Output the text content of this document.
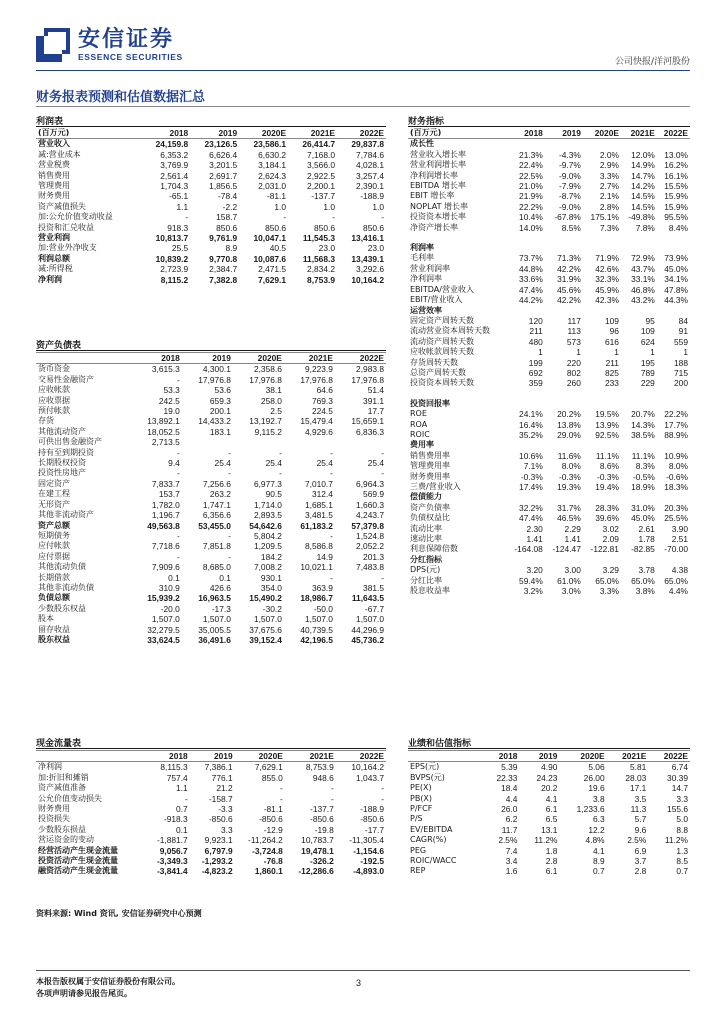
安信证券
ESSENCE SECURITIES	公司快报/洋河股份
财务报表预测和估值数据汇总
利润表	财务指标
资产负债表
现金流量表	业绩和估值指标
(百万元)	2018	2019	2020E	2021E	2022E
营业收入	24,159.8	23,126.5	23,586.1	26,414.7	29,837.8
减:营业成本	6,353.2	6,626.4	6,630.2	7,168.0	7,784.6
营业税费	3,769.9	3,201.5	3,184.1	3,566.0	4,028.1
销售费用	2,561.4	2,691.7	2,624.3	2,922.5	3,257.4
管理费用	1,704.3	1,856.5	2,031.0	2,200.1	2,390.1
财务费用	-65.1	-78.4	-81.1	-137.7	-188.9
资产减值损失	1.1	-2.2	1.0	1.0	1.0
加:公允价值变动收益	-	158.7	-	-	-
投资和汇兑收益	918.3	850.6	850.6	850.6	850.6
营业利润	10,813.7	9,761.9	10,047.1	11,545.3	13,416.1
加:营业外净收支	25.5	8.9	40.5	23.0	23.0
利润总额	10,839.2	9,770.8	10,087.6	11,568.3	13,439.1
减:所得税	2,723.9	2,384.7	2,471.5	2,834.2	3,292.6
净利润	8,115.2	7,382.8	7,629.1	8,753.9	10,164.2
	2018	2019	2020E	2021E	2022E
货币资金	3,615.3	4,300.1	2,358.6	9,223.9	2,983.8
交易性金融资产	-	17,976.8	17,976.8	17,976.8	17,976.8
应收帐款	53.3	53.6	38.1	64.6	51.4
应收票据	242.5	659.3	258.0	769.3	391.1
预付帐款	19.0	200.1	2.5	224.5	17.7
存货	13,892.1	14,433.2	13,192.7	15,479.4	15,659.1
其他流动资产	18,052.5	183.1	9,115.2	4,929.6	6,836.3
可供出售金融资产	2,713.5				
持有至到期投资	-	-	-	-	-
长期股权投资	9.4	25.4	25.4	25.4	25.4
投资性房地产	-	-	-	-	-
固定资产	7,833.7	7,256.6	6,977.3	7,010.7	6,964.3
在建工程	153.7	263.2	90.5	312.4	569.9
无形资产	1,782.0	1,747.1	1,714.0	1,685.1	1,660.3
其他非流动资产	1,196.7	6,356.6	2,893.5	3,481.5	4,243.7
资产总额	49,563.8	53,455.0	54,642.6	61,183.2	57,379.8
短期债务	-	-	5,804.2	-	1,524.8
应付帐款	7,718.6	7,851.8	1,209.5	8,586.8	2,052.2
应付票据	-	-	184.2	14.9	201.3
其他流动负债	7,909.6	8,685.0	7,008.2	10,021.1	7,483.8
长期借款	0.1	0.1	930.1	-	-
其他非流动负债	310.9	426.6	354.0	363.9	381.5
负债总额	15,939.2	16,963.5	15,490.2	18,986.7	11,643.5
少数股东权益	-20.0	-17.3	-30.2	-50.0	-67.7
股本	1,507.0	1,507.0	1,507.0	1,507.0	1,507.0
留存收益	32,279.5	35,005.5	37,675.6	40,739.5	44,296.9
股东权益	33,624.5	36,491.6	39,152.4	42,196.5	45,736.2
(百万元)	2018	2019	2020E	2021E	2022E
成长性					
营业收入增长率	21.3%	-4.3%	2.0%	12.0%	13.0%
营业利润增长率	22.4%	-9.7%	2.9%	14.9%	16.2%
净利润增长率	22.5%	-9.0%	3.3%	14.7%	16.1%
EBITDA 增长率	21.0%	-7.9%	2.7%	14.2%	15.5%
EBIT 增长率	21.9%	-8.7%	2.1%	14.5%	15.9%
NOPLAT 增长率	22.2%	-9.0%	2.8%	14.5%	15.9%
投资资本增长率	10.4%	-67.8%	175.1%	-49.8%	95.5%
净资产增长率	14.0%	8.5%	7.3%	7.8%	8.4%

利润率					
毛利率	73.7%	71.3%	71.9%	72.9%	73.9%
营业利润率	44.8%	42.2%	42.6%	43.7%	45.0%
净利润率	33.6%	31.9%	32.3%	33.1%	34.1%
EBITDA/营业收入	47.4%	45.6%	45.9%	46.8%	47.8%
EBIT/营业收入	44.2%	42.2%	42.3%	43.2%	44.3%
运营效率					
固定资产周转天数	120	117	109	95	84
流动营业资本周转天数	211	113	96	109	91
流动资产周转天数	480	573	616	624	559
应收帐款周转天数	1	1	1	1	1
存货周转天数	199	220	211	195	188
总资产周转天数	692	802	825	789	715
投资资本周转天数	359	260	233	229	200

投资回报率					
ROE	24.1%	20.2%	19.5%	20.7%	22.2%
ROA	16.4%	13.8%	13.9%	14.3%	17.7%
ROIC	35.2%	29.0%	92.5%	38.5%	88.9%
费用率					
销售费用率	10.6%	11.6%	11.1%	11.1%	10.9%
管理费用率	7.1%	8.0%	8.6%	8.3%	8.0%
财务费用率	-0.3%	-0.3%	-0.3%	-0.5%	-0.6%
三费/营业收入	17.4%	19.3%	19.4%	18.9%	18.3%
偿债能力					
资产负债率	32.2%	31.7%	28.3%	31.0%	20.3%
负债权益比	47.4%	46.5%	39.6%	45.0%	25.5%
流动比率	2.30	2.29	3.02	2.61	3.90
速动比率	1.41	1.41	2.09	1.78	2.51
利息保障倍数	-164.08	-124.47	-122.81	-82.85	-70.00
分红指标					
DPS(元)	3.20	3.00	3.29	3.78	4.38
分红比率	59.4%	61.0%	65.0%	65.0%	65.0%
股息收益率	3.2%	3.0%	3.3%	3.8%	4.4%
	2018	2019	2020E	2021E	2022E
净利润	8,115.3	7,386.1	7,629.1	8,753.9	10,164.2
加:折旧和摊销	757.4	776.1	855.0	948.6	1,043.7
资产减值准备	1.1	21.2	-	-	-
公允价值变动损失	-	-158.7	-	-	-
财务费用	0.7	-3.3	-81.1	-137.7	-188.9
投资损失	-918.3	-850.6	-850.6	-850.6	-850.6
少数股东损益	0.1	3.3	-12.9	-19.8	-17.7
营运资金的变动	-1,881.7	9,923.1	-11,264.2	10,783.7	-11,305.4
经营活动产生现金流量	9,056.7	6,797.9	-3,724.8	19,478.1	-1,154.6
投资活动产生现金流量	-3,349.3	-1,293.2	-76.8	-326.2	-192.5
融资活动产生现金流量	-3,841.4	-4,823.2	1,860.1	-12,286.6	-4,893.0
	2018	2019	2020E	2021E	2022E
EPS(元)	5.39	4.90	5.06	5.81	6.74
BVPS(元)	22.33	24.23	26.00	28.03	30.39
PE(X)	18.4	20.2	19.6	17.1	14.7
PB(X)	4.4	4.1	3.8	3.5	3.3
P/FCF	26.0	6.1	1,233.6	11.3	155.6
P/S	6.2	6.5	6.3	5.7	5.0
EV/EBITDA	11.7	13.1	12.2	9.6	8.8
CAGR(%)	2.5%	11.2%	4.8%	2.5%	11.2%
PEG	7.4	1.8	4.1	6.9	1.3
ROIC/WACC	3.4	2.8	8.9	3.7	8.5
REP	1.6	6.1	0.7	2.8	0.7
资料来源: Wind 资讯, 安信证券研究中心预测
本报告版权属于安信证券股份有限公司。
各项声明请参见报告尾页。
3
